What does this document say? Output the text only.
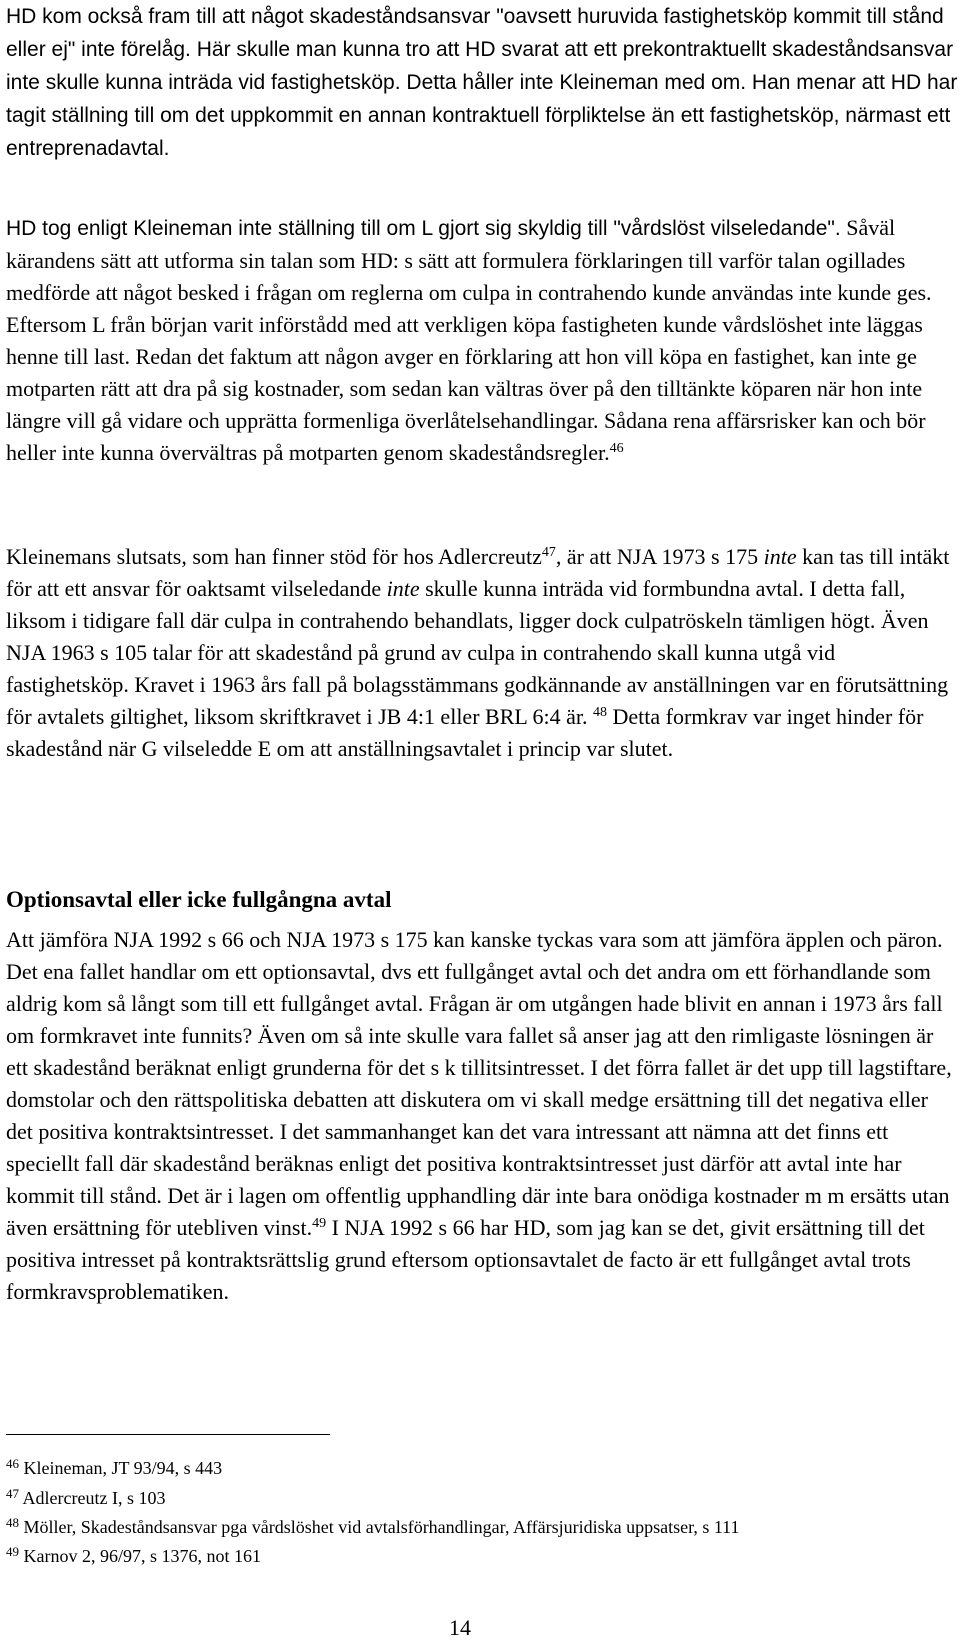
HD kom också fram till att något skadeståndsansvar "oavsett huruvida fastighetsköp kommit till stånd eller ej" inte förelåg. Här skulle man kunna tro att HD svarat att ett prekontraktuellt skadeståndsansvar inte skulle kunna inträda vid fastighetsköp. Detta håller inte Kleineman med om. Han menar att HD har tagit ställning till om det uppkommit en annan kontraktuell förpliktelse än ett fastighetsköp, närmast ett entreprenadavtal.

HD tog enligt Kleineman inte ställning till om L gjort sig skyldig till "vårdslöst vilseledande". Såväl kärandens sätt att utforma sin talan som HD: s sätt att formulera förklaringen till varför talan ogillades medförde att något besked i frågan om reglerna om culpa in contrahendo kunde användas inte kunde ges. Eftersom L från början varit införstådd med att verkligen köpa fastigheten kunde vårdslöshet inte läggas henne till last. Redan det faktum att någon avger en förklaring att hon vill köpa en fastighet, kan inte ge motparten rätt att dra på sig kostnader, som sedan kan vältras över på den tilltänkte köparen när hon inte längre vill gå vidare och upprätta formenliga överlåtelsehandlingar. Sådana rena affärsrisker kan och bör heller inte kunna övervältras på motparten genom skadeståndsregler.$^{46}$

Kleinemans slutsats, som han finner stöd för hos Adlercreutz$^{47}$, är att NJA 1973 s 175 inte kan tas till intäkt för att ett ansvar för oaktsamt vilseledande inte skulle kunna inträda vid formbundna avtal. I detta fall, liksom i tidigare fall där culpa in contrahendo behandlats, ligger dock culpatröskeln tämligen högt. Även NJA 1963 s 105 talar för att skadestånd på grund av culpa in contrahendo skall kunna utgå vid fastighetsköp. Kravet i 1963 års fall på bolagsstämmans godkännande av anställningen var en förutsättning för avtalets giltighet, liksom skriftkravet i JB 4:1 eller BRL 6:4 är. $^{48}$ Detta formkrav var inget hinder för skadestånd när G vilseledde E om att anställningsavtalet i princip var slutet.

Optionsavtal eller icke fullgångna avtal

Att jämföra NJA 1992 s 66 och NJA 1973 s 175 kan kanske tyckas vara som att jämföra äpplen och päron. Det ena fallet handlar om ett optionsavtal, dvs ett fullgånget avtal och det andra om ett förhandlande som aldrig kom så långt som till ett fullgånget avtal. Frågan är om utgången hade blivit en annan i 1973 års fall om formkravet inte funnits? Även om så inte skulle vara fallet så anser jag att den rimligaste lösningen är ett skadestånd beräknat enligt grunderna för det s k tillitsintresset. I det förra fallet är det upp till lagstiftare, domstolar och den rättspolitiska debatten att diskutera om vi skall medge ersättning till det negativa eller det positiva kontraktsintresset. I det sammanhanget kan det vara intressant att nämna att det finns ett speciellt fall där skadestånd beräknas enligt det positiva kontraktsintresset just därför att avtal inte har kommit till stånd. Det är i lagen om offentlig upphandling där inte bara onödiga kostnader m m ersätts utan även ersättning för utebliven vinst.$^{49}$ I NJA 1992 s 66 har HD, som jag kan se det, givit ersättning till det positiva intresset på kontraktsrättslig grund eftersom optionsavtalet de facto är ett fullgånget avtal trots formkravsproblematiken.

$^{46}$ Kleineman, JT 93/94, s 443

$^{47}$ Adlercreutz I, s 103

$^{48}$ Möller, Skadeståndsansvar pga vårdslöshet vid avtalsförhandlingar, Affärsjuridiska uppsatser, s 111

$^{49}$ Karnov 2, 96/97, s 1376, not 161

14
